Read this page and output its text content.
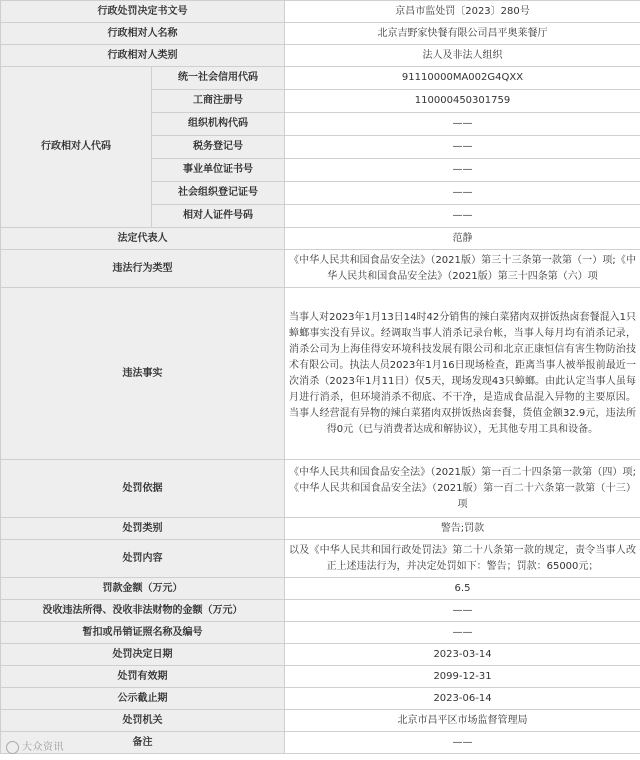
行政处罚决定书文号		京昌市监处罚〔2023〕280号
行政相对人名称		北京吉野家快餐有限公司昌平奥莱餐厅
行政相对人类别		法人及非法人组织
行政相对人代码	统一社会信用代码	91110000MA002G4QXX
	工商注册号	110000450301759
	组织机构代码	——
	税务登记号	——
	事业单位证书号	——
	社会组织登记证号	——
	相对人证件号码	——
法定代表人		范静
违法行为类型		《中华人民共和国食品安全法》（2021版）第三十三条第一款第（一）项;《中华人民共和国食品安全法》（2021版）第三十四条第（六）项
违法事实		当事人对2023年1月13日14时42分销售的辣白菜猪肉双拼饭热卤套餐混入1只蟑螂事实没有异议。经调取当事人消杀记录台帐，当事人每月均有消杀记录，消杀公司为上海佳得安环境科技发展有限公司和北京正康恒信有害生物防治技术有限公司。执法人员2023年1月16日现场检查，距离当事人被举报前最近一次消杀（2023年1月11日）仅5天，现场发现43只蟑螂。由此认定当事人虽每月进行消杀，但环境消杀不彻底、不干净，是造成食品混入异物的主要原因。当事人经营混有异物的辣白菜猪肉双拼饭热卤套餐，货值金额32.9元，违法所得0元（已与消费者达成和解协议），无其他专用工具和设备。
处罚依据		《中华人民共和国食品安全法》（2021版）第一百二十四条第一款第（四）项;《中华人民共和国食品安全法》（2021版）第一百二十六条第一款第（十三）项
处罚类别		警告;罚款
处罚内容		以及《中华人民共和国行政处罚法》第二十八条第一款的规定，责令当事人改正上述违法行为，并决定处罚如下：警告；罚款：65000元；
罚款金额（万元）		6.5
没收违法所得、没收非法财物的金额（万元）		——
暂扣或吊销证照名称及编号		——
处罚决定日期		2023-03-14
处罚有效期		2099-12-31
公示截止期		2023-06-14
处罚机关		北京市昌平区市场监督管理局
备注		——
大众资讯
